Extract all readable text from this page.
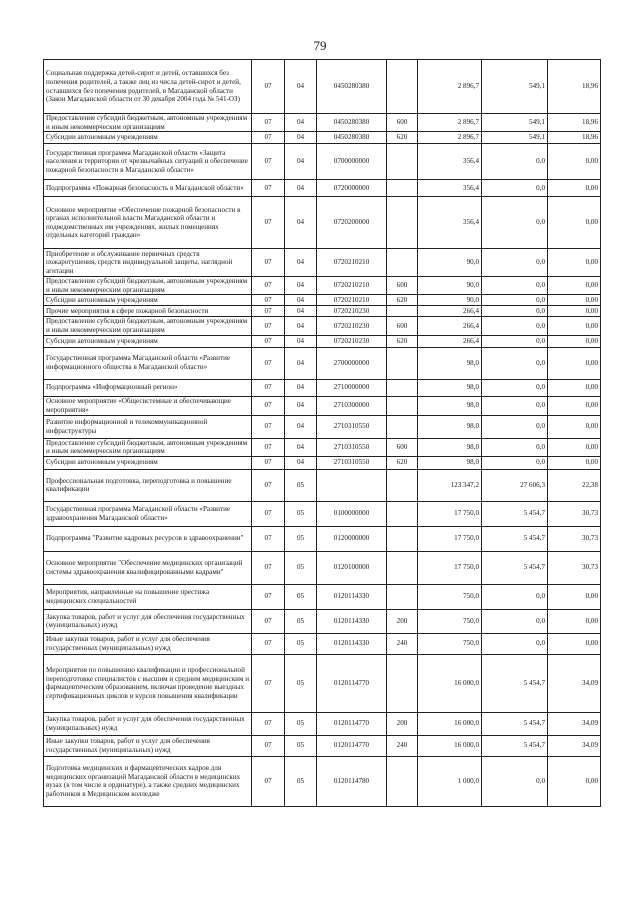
79
Социальная поддержка детей-сирот и детей, оставшихся без попечения родителей, а также лиц из числа детей-сирот и детей, оставшихся без попечения родителей, в Магаданской области (Закон Магаданской области от 30 декабря 2004 года № 541-ОЗ)	07	04	0450280380		2 896,7	549,1	18,96
Предоставление субсидий бюджетным, автономным учреждениям и иным некоммерческим организациям	07	04	0450280380	600	2 896,7	549,1	18,96
Субсидии автономным учреждениям	07	04	0450280380	620	2 896,7	549,1	18,96
Государственная программа Магаданской области «Защита населения и территории от чрезвычайных ситуаций и обеспечение пожарной безопасности в Магаданской области»	07	04	0700000000		356,4	0,0	0,00
Подпрограмма «Пожарная безопасность в Магаданской области»	07	04	0720000000		356,4	0,0	0,00
Основное мероприятие «Обеспечение пожарной безопасности в органах исполнительной власти Магаданской области и подведомственных им учреждениях, жилых помещениях отдельных категорий граждан»	07	04	0720200000		356,4	0,0	0,00
Приобретение и обслуживание первичных средств пожаротушения, средств индивидуальной защиты, наглядной агитации	07	04	0720210210		90,0	0,0	0,00
Предоставление субсидий бюджетным, автономным учреждениям и иным некоммерческим организациям	07	04	0720210210	600	90,0	0,0	0,00
Субсидии автономным учреждениям	07	04	0720210210	620	90,0	0,0	0,00
Прочие мероприятия в сфере пожарной безопасности	07	04	0720210230		266,4	0,0	0,00
Предоставление субсидий бюджетным, автономным учреждениям и иным некоммерческим организациям	07	04	0720210230	600	266,4	0,0	0,00
Субсидии автономным учреждениям	07	04	0720210230	620	266,4	0,0	0,00
Государственная программа Магаданской области «Развитие информационного общества в Магаданской области»	07	04	2700000000		98,0	0,0	0,00
Подпрограмма «Информационный регион»	07	04	2710000000		98,0	0,0	0,00
Основное мероприятие «Общесистемные и обеспечивающие мероприятия»	07	04	2710300000		98,0	0,0	0,00
Развитие информационной и телекоммуникационной инфраструктуры	07	04	2710310550		98,0	0,0	0,00
Предоставление субсидий бюджетным, автономным учреждениям и иным некоммерческим организациям	07	04	2710310550	600	98,0	0,0	0,00
Субсидии автономным учреждениям	07	04	2710310550	620	98,0	0,0	0,00
Профессиональная подготовка, переподготовка и повышение квалификации	07	05			123 347,2	27 606,3	22,38
Государственная программа Магаданской области «Развитие здравоохранения Магаданской области»	07	05	0100000000		17 750,0	5 454,7	30,73
Подпрограмма "Развитие кадровых ресурсов в здравоохранении"	07	05	0120000000		17 750,0	5 454,7	30,73
Основное мероприятие "Обеспечение медицинских организаций системы здравоохранения квалифицированными кадрами"	07	05	0120100000		17 750,0	5 454,7	30,73
Мероприятия, направленные на повышение престижа медицинских специальностей	07	05	0120114330		750,0	0,0	0,00
Закупка товаров, работ и услуг для обеспечения государственных (муниципальных) нужд	07	05	0120114330	200	750,0	0,0	0,00
Иные закупки товаров, работ и услуг для обеспечения государственных (муниципальных) нужд	07	05	0120114330	240	750,0	0,0	0,00
Мероприятия по повышению квалификации и профессиональной переподготовке специалистов с высшим и средним медицинским и фармацевтическим образованием, включая проведение выездных сертификационных циклов и курсов повышения квалификации	07	05	0120114770		16 000,0	5 454,7	34,09
Закупка товаров, работ и услуг для обеспечения государственных (муниципальных) нужд	07	05	0120114770	200	16 000,0	5 454,7	34,09
Иные закупки товаров, работ и услуг для обеспечения государственных (муниципальных) нужд	07	05	0120114770	240	16 000,0	5 454,7	34,09
Подготовка медицинских и фармацевтических кадров для медицинских организаций Магаданской области в медицинских вузах (в том числе в ординатуре), а также средних медицинских работников в Медицинском колледже	07	05	0120114780		1 000,0	0,0	0,00
